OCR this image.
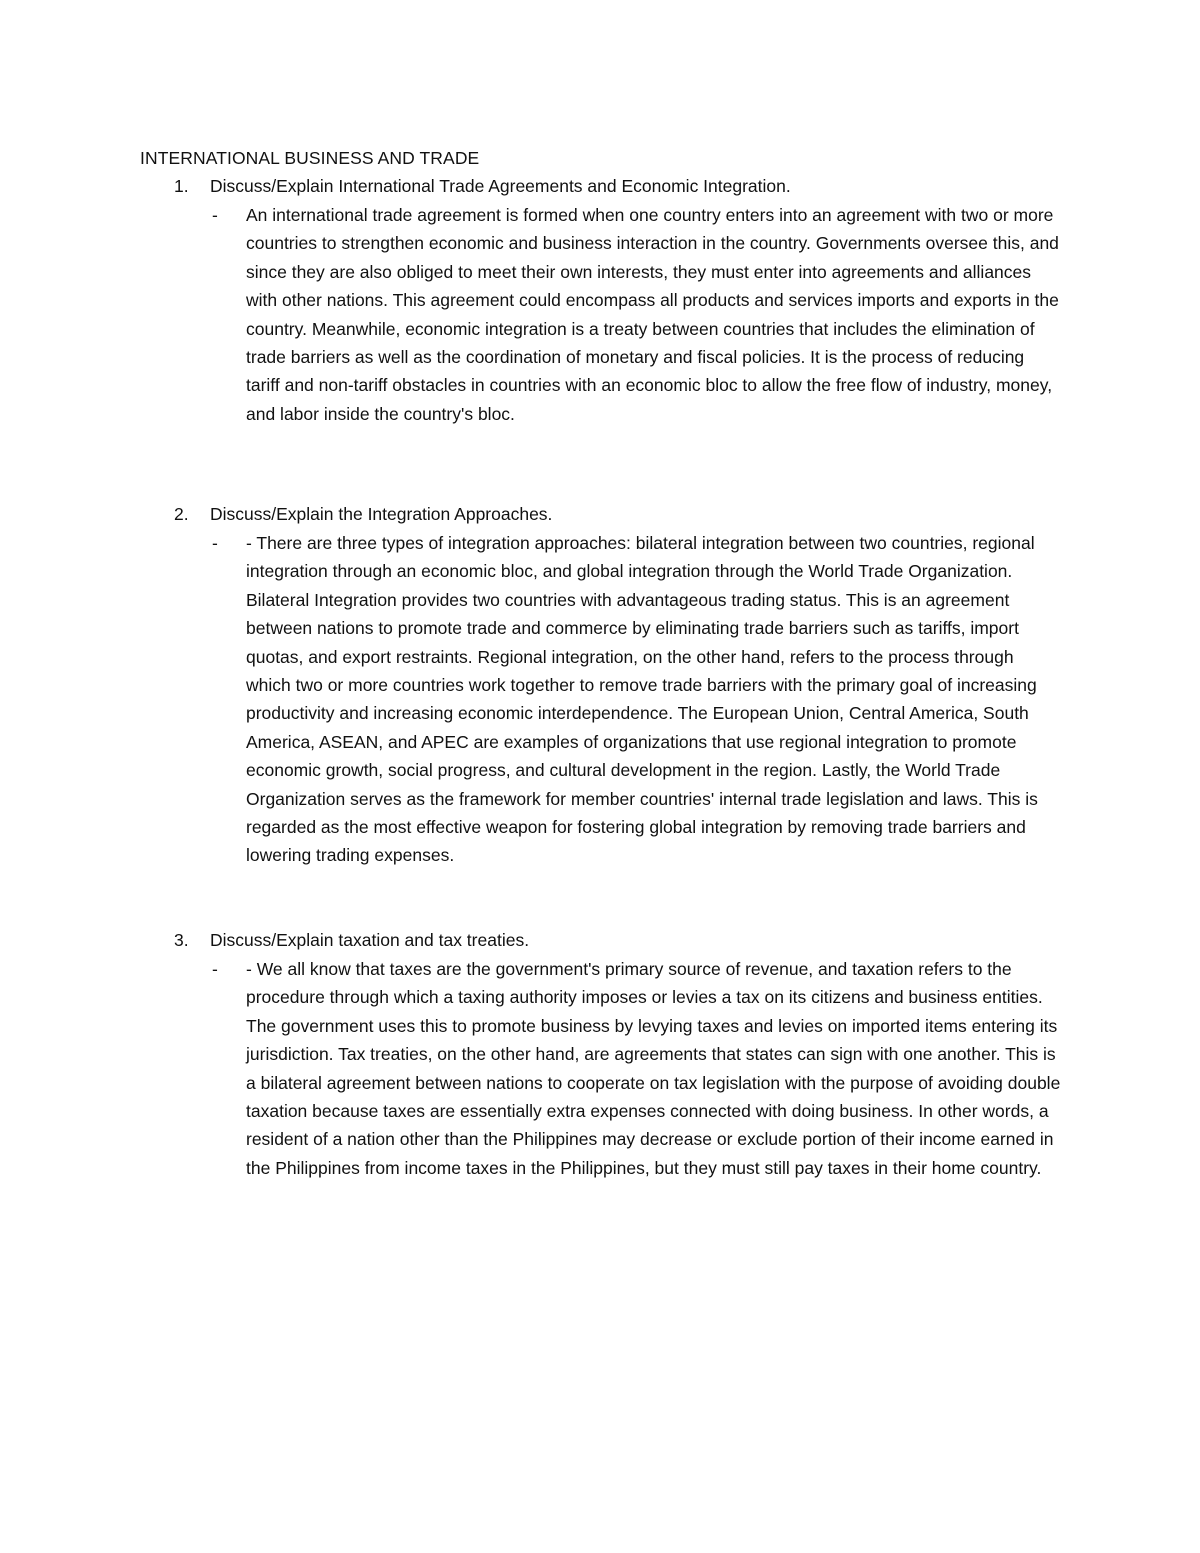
INTERNATIONAL BUSINESS AND TRADE
1.	Discuss/Explain International Trade Agreements and Economic Integration.
-	An international trade agreement is formed when one country enters into an agreement with two or more countries to strengthen economic and business interaction in the country. Governments oversee this, and since they are also obliged to meet their own interests, they must enter into agreements and alliances with other nations. This agreement could encompass all products and services imports and exports in the country. Meanwhile, economic integration is a treaty between countries that includes the elimination of trade barriers as well as the coordination of monetary and fiscal policies. It is the process of reducing tariff and non-tariff obstacles in countries with an economic bloc to allow the free flow of industry, money, and labor inside the country's bloc.

2.	Discuss/Explain the Integration Approaches.
-	- There are three types of integration approaches: bilateral integration between two countries, regional integration through an economic bloc, and global integration through the World Trade Organization. Bilateral Integration provides two countries with advantageous trading status. This is an agreement between nations to promote trade and commerce by eliminating trade barriers such as tariffs, import quotas, and export restraints. Regional integration, on the other hand, refers to the process through which two or more countries work together to remove trade barriers with the primary goal of increasing productivity and increasing economic interdependence. The European Union, Central America, South America, ASEAN, and APEC are examples of organizations that use regional integration to promote economic growth, social progress, and cultural development in the region. Lastly, the World Trade Organization serves as the framework for member countries' internal trade legislation and laws. This is regarded as the most effective weapon for fostering global integration by removing trade barriers and lowering trading expenses.

3.	Discuss/Explain taxation and tax treaties.
-	- We all know that taxes are the government's primary source of revenue, and taxation refers to the procedure through which a taxing authority imposes or levies a tax on its citizens and business entities. The government uses this to promote business by levying taxes and levies on imported items entering its jurisdiction. Tax treaties, on the other hand, are agreements that states can sign with one another. This is a bilateral agreement between nations to cooperate on tax legislation with the purpose of avoiding double taxation because taxes are essentially extra expenses connected with doing business. In other words, a resident of a nation other than the Philippines may decrease or exclude portion of their income earned in the Philippines from income taxes in the Philippines, but they must still pay taxes in their home country.
